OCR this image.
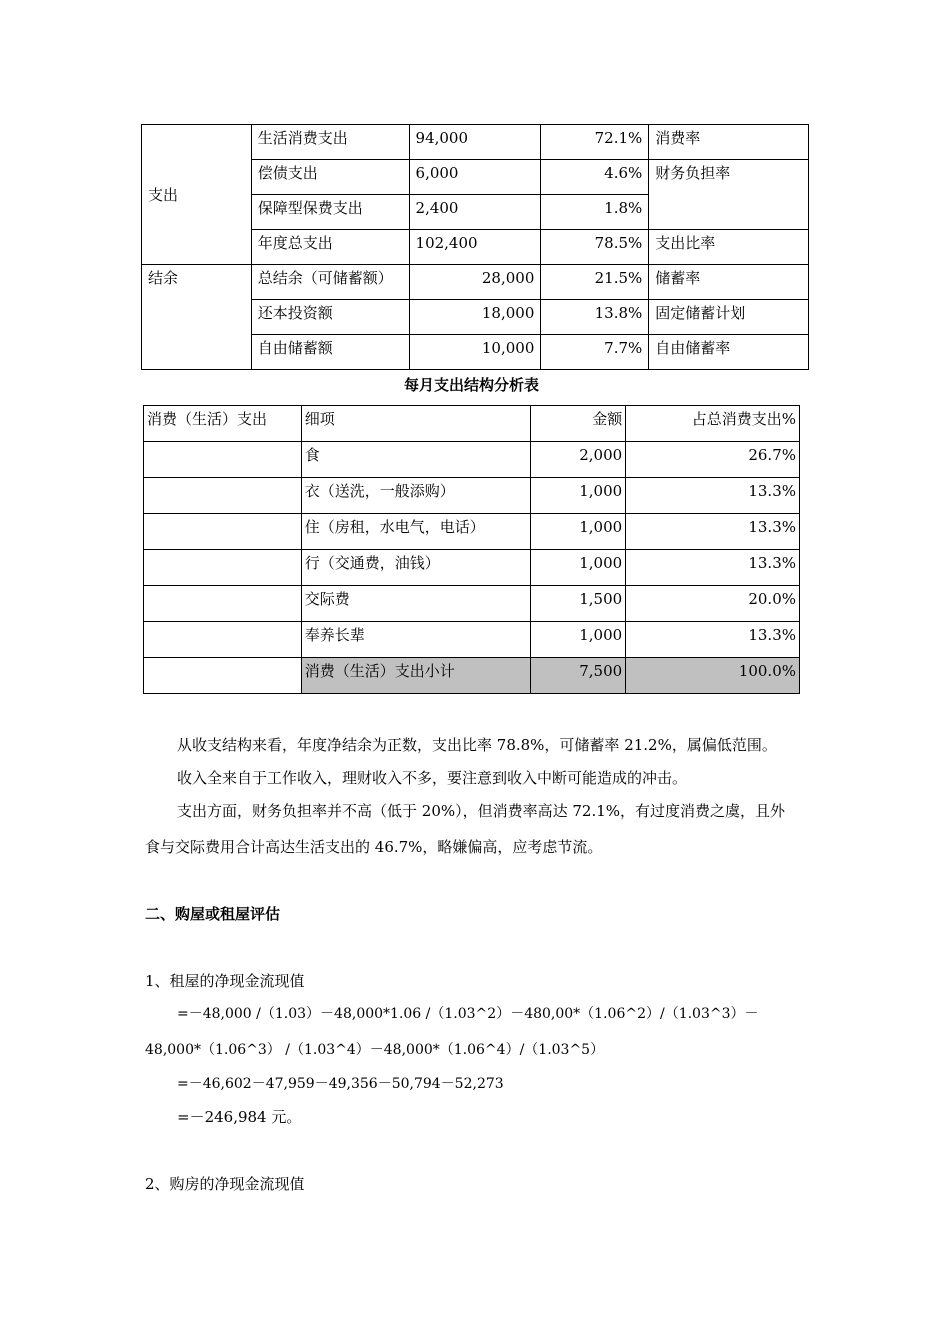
支出	生活消费支出	94,000	72.1%	消费率
	偿债支出	6,000	4.6%	财务负担率
	保障型保费支出	2,400	1.8%	
	年度总支出	102,400	78.5%	支出比率
结余	总结余（可储蓄额）	28,000	21.5%	储蓄率
	还本投资额	18,000	13.8%	固定储蓄计划
	自由储蓄额	10,000	7.7%	自由储蓄率
每月支出结构分析表
消费（生活）支出	细项	金额	占总消费支出%
	食	2,000	26.7%
	衣（送洗，一般添购）	1,000	13.3%
	住（房租，水电气，电话）	1,000	13.3%
	行（交通费，油钱）	1,000	13.3%
	交际费	1,500	20.0%
	奉养长辈	1,000	13.3%
	消费（生活）支出小计	7,500	100.0%
从收支结构来看，年度净结余为正数，支出比率 78.8%，可储蓄率 21.2%，属偏低范围。
收入全来自于工作收入，理财收入不多，要注意到收入中断可能造成的冲击。
支出方面，财务负担率并不高（低于 20%），但消费率高达 72.1%，有过度消费之虞，且外
食与交际费用合计高达生活支出的 46.7%，略嫌偏高，应考虑节流。
二、购屋或租屋评估
1、租屋的净现金流现值
=－48,000 /（1.03）－48,000*1.06 /（1.03^2）－480,00*（1.06^2）/（1.03^3）－
48,000*（1.06^3） /（1.03^4）－48,000*（1.06^4）/（1.03^5）
=－46,602－47,959－49,356－50,794－52,273
=－246,984 元。
2、购房的净现金流现值
